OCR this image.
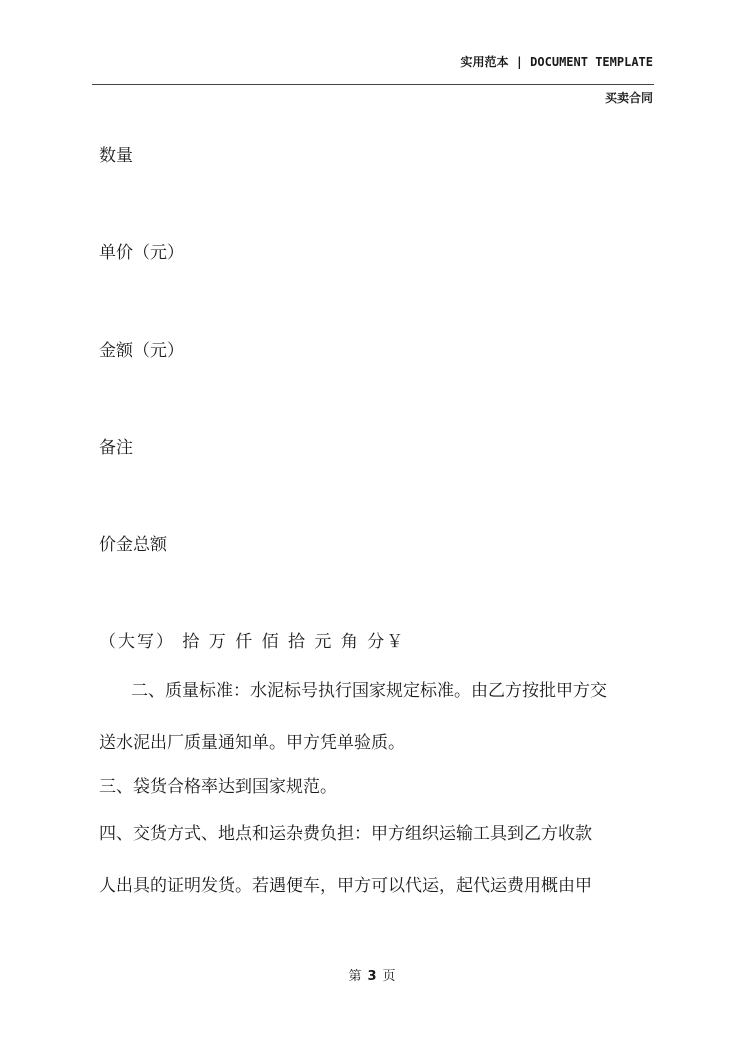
实用范本 | DOCUMENT TEMPLATE
买卖合同
数量
单价（元）
金额（元）
备注
价金总额
（大写） 拾 万 仟 佰 拾 元 角 分￥
二、质量标准：水泥标号执行国家规定标准。由乙方按批甲方交
送水泥出厂质量通知单。甲方凭单验质。
三、袋货合格率达到国家规范。
四、交货方式、地点和运杂费负担：甲方组织运输工具到乙方收款
人出具的证明发货。若遇便车，甲方可以代运，起代运费用概由甲
第 3 页
